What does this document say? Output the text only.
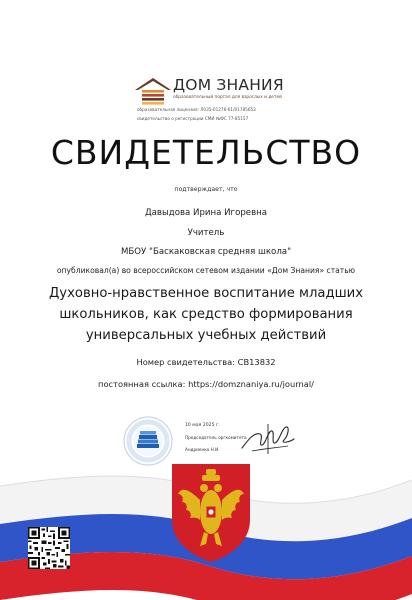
ДОМ ЗНАНИЯ
образовательный портал для взрослых и детей
образовательная лицензия: Л035-01276-61/01785653
свидетельство о регистрации СМИ №ФС 77-85157
СВИДЕТЕЛЬСТВО
подтверждает, что
Давыдова Ирина Игоревна
Учитель
МБОУ "Баскаковская средняя школа"
опубликовал(а) во всероссийском сетевом издании «Дом Знания» статью
Духовно-нравственное воспитание младших
школьников, как средство формирования
универсальных учебных действий
Номер свидетельства: СВ13832
постоянная ссылка: https://domznaniya.ru/journal/
10 мая 2025 г.
Председатель оргкомитета
Андриенко Н.И.
